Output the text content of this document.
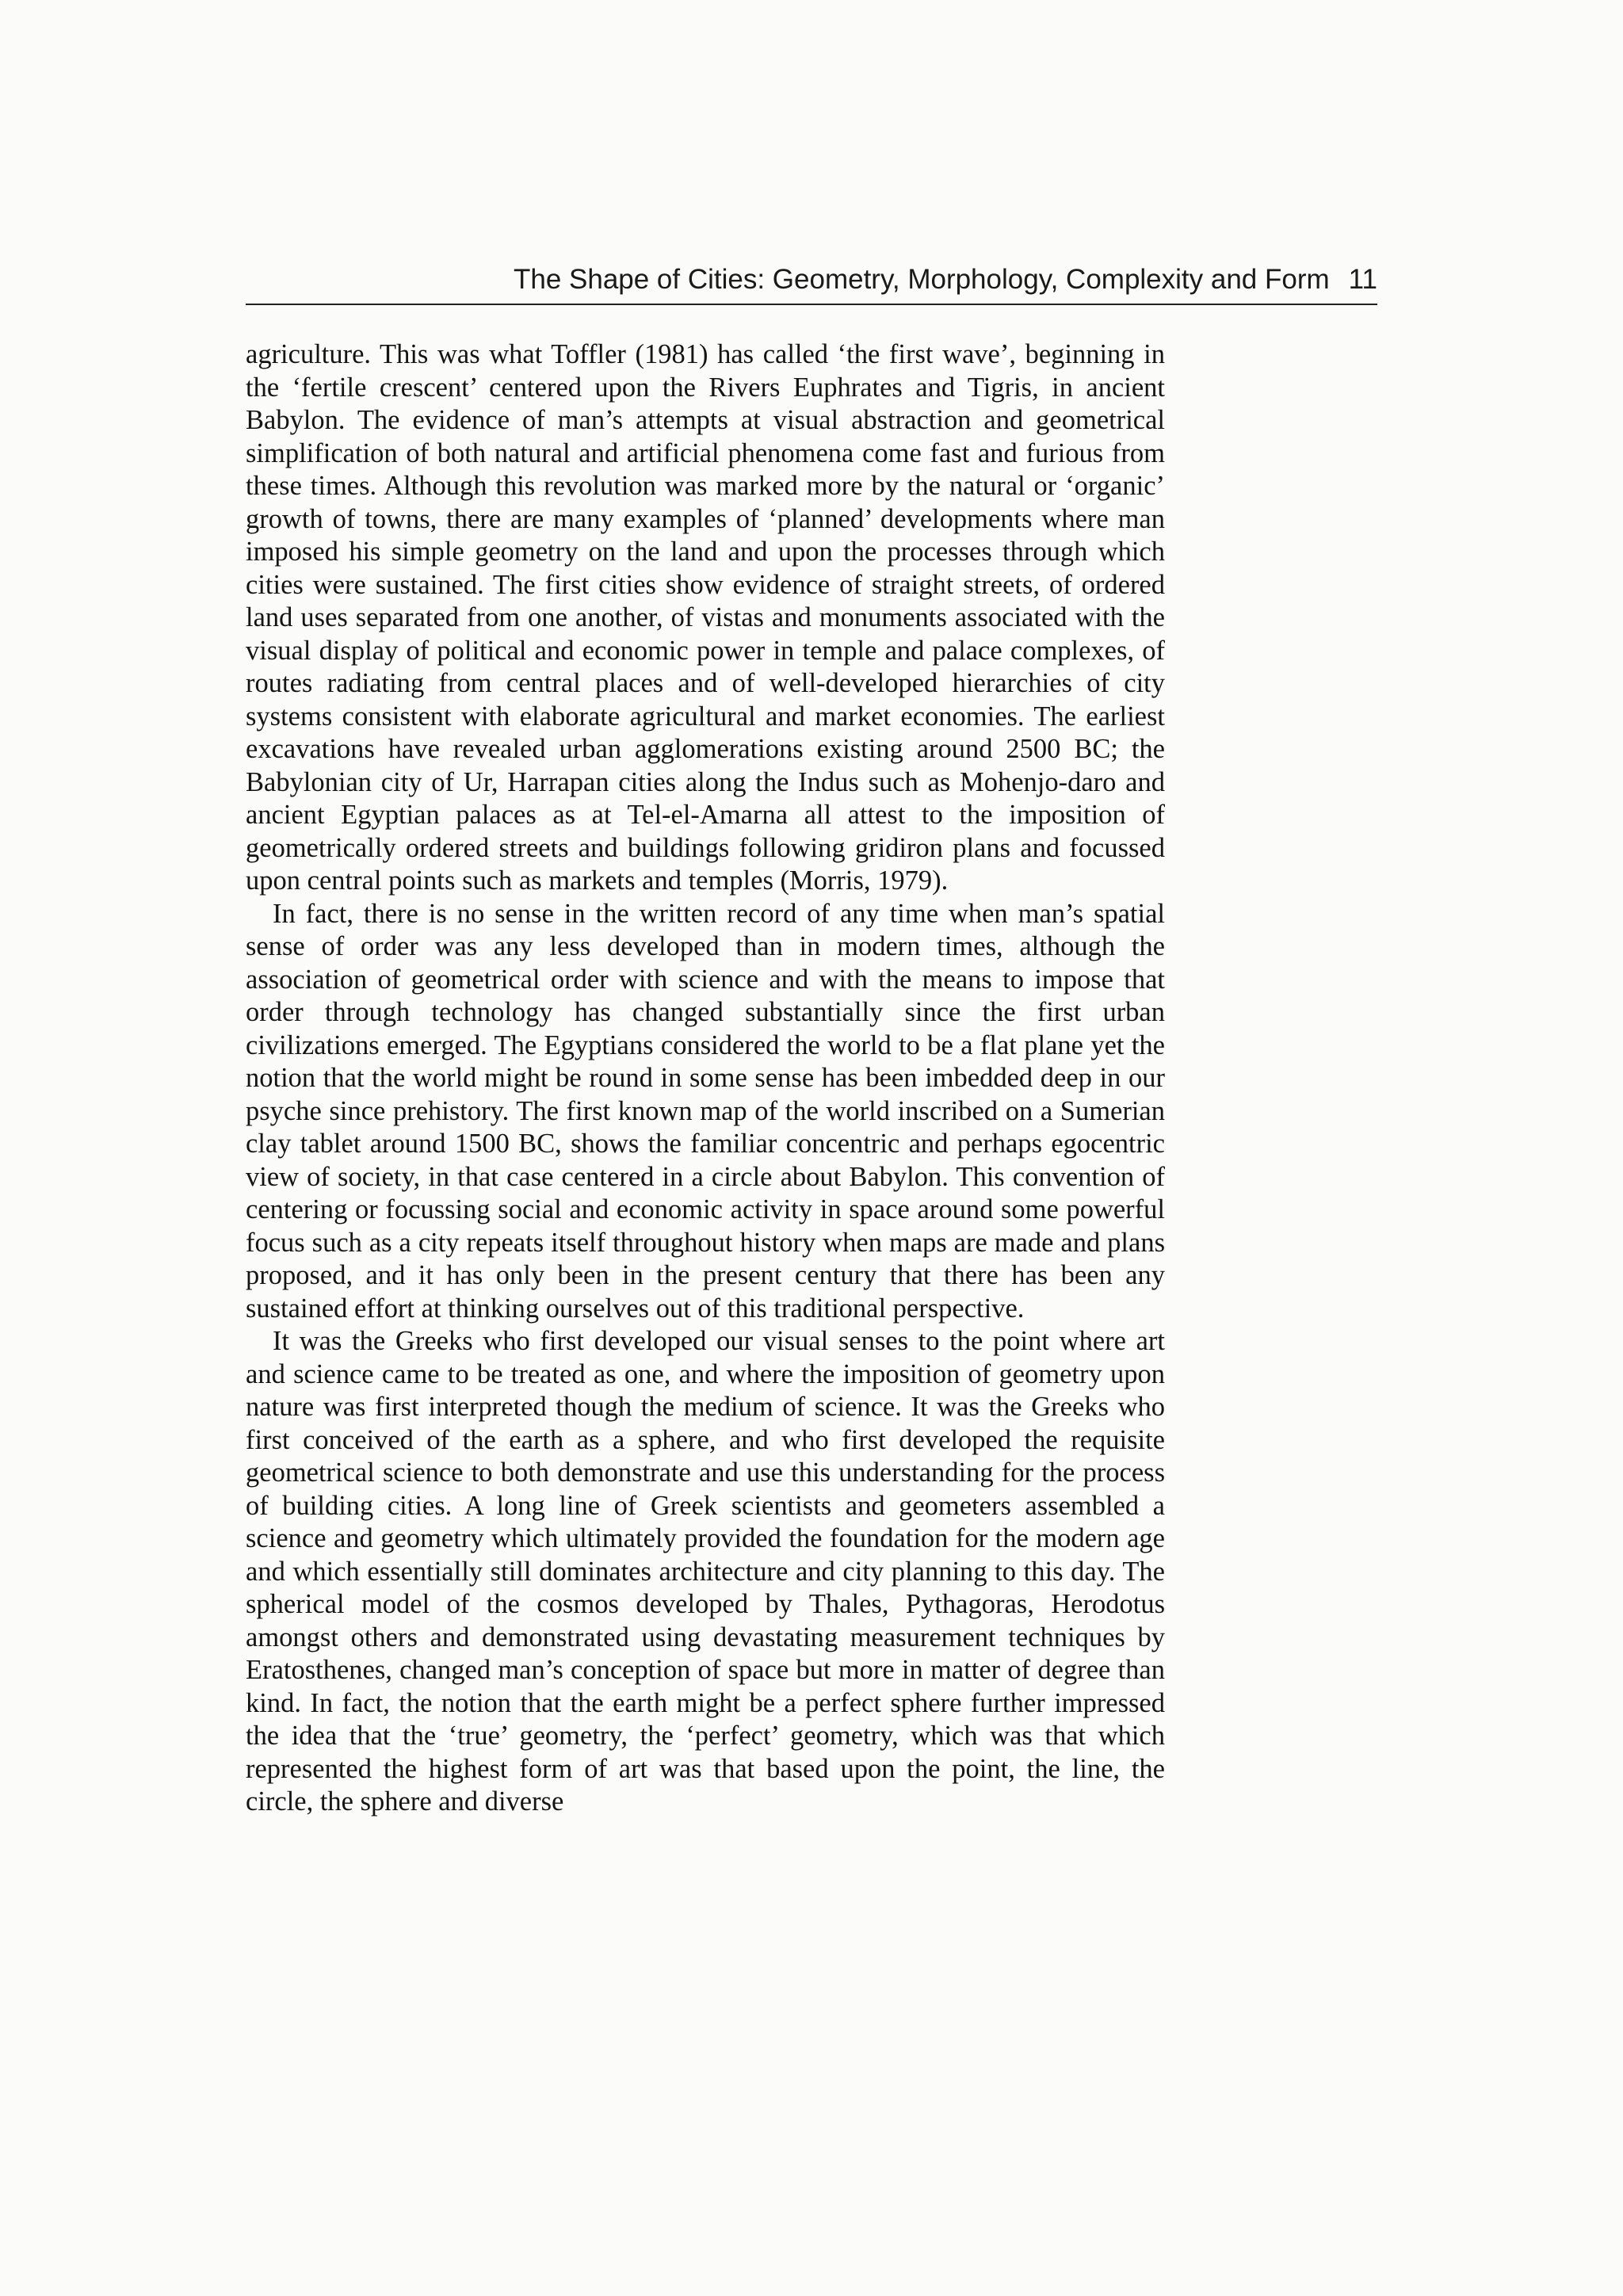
The Shape of Cities: Geometry, Morphology, Complexity and Form 11

agriculture. This was what Toffler (1981) has called ‘the first wave’, beginning in the ‘fertile crescent’ centered upon the Rivers Euphrates and Tigris, in ancient Babylon. The evidence of man’s attempts at visual abstraction and geometrical simplification of both natural and artificial phenomena come fast and furious from these times. Although this revolution was marked more by the natural or ‘organic’ growth of towns, there are many examples of ‘planned’ developments where man imposed his simple geometry on the land and upon the processes through which cities were sustained. The first cities show evidence of straight streets, of ordered land uses separated from one another, of vistas and monuments associated with the visual display of political and economic power in temple and palace complexes, of routes radiating from central places and of well-developed hierarchies of city systems consistent with elaborate agricultural and market economies. The earliest excavations have revealed urban agglomerations existing around 2500 BC; the Babylonian city of Ur, Harrapan cities along the Indus such as Mohenjo-daro and ancient Egyptian palaces as at Tel-el-Amarna all attest to the imposition of geometrically ordered streets and buildings following gridiron plans and focussed upon central points such as markets and temples (Morris, 1979).

In fact, there is no sense in the written record of any time when man’s spatial sense of order was any less developed than in modern times, although the association of geometrical order with science and with the means to impose that order through technology has changed substantially since the first urban civilizations emerged. The Egyptians considered the world to be a flat plane yet the notion that the world might be round in some sense has been imbedded deep in our psyche since prehistory. The first known map of the world inscribed on a Sumerian clay tablet around 1500 BC, shows the familiar concentric and perhaps egocentric view of society, in that case centered in a circle about Babylon. This convention of centering or focussing social and economic activity in space around some powerful focus such as a city repeats itself throughout history when maps are made and plans proposed, and it has only been in the present century that there has been any sustained effort at thinking ourselves out of this traditional perspective.

It was the Greeks who first developed our visual senses to the point where art and science came to be treated as one, and where the imposition of geometry upon nature was first interpreted though the medium of science. It was the Greeks who first conceived of the earth as a sphere, and who first developed the requisite geometrical science to both demonstrate and use this understanding for the process of building cities. A long line of Greek scientists and geometers assembled a science and geometry which ultimately provided the foundation for the modern age and which essentially still dominates architecture and city planning to this day. The spherical model of the cosmos developed by Thales, Pythagoras, Herodotus amongst others and demonstrated using devastating measurement techniques by Eratosthenes, changed man’s conception of space but more in matter of degree than kind. In fact, the notion that the earth might be a perfect sphere further impressed the idea that the ‘true’ geometry, the ‘perfect’ geometry, which was that which represented the highest form of art was that based upon the point, the line, the circle, the sphere and diverse
